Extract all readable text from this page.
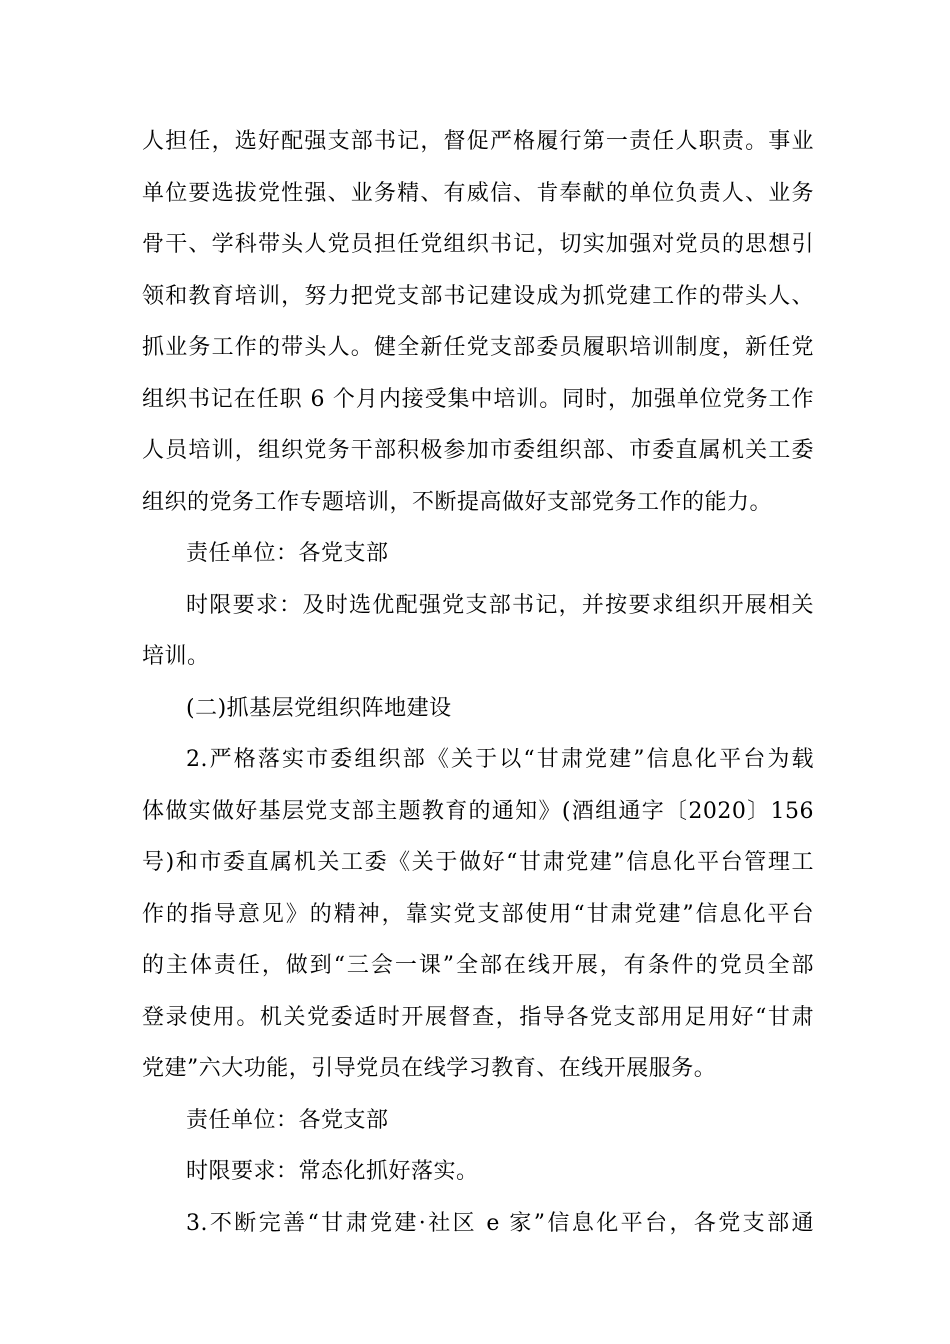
人担任，选好配强支部书记，督促严格履行第一责任人职责。事业
单位要选拔党性强、业务精、有威信、肯奉献的单位负责人、业务
骨干、学科带头人党员担任党组织书记，切实加强对党员的思想引
领和教育培训，努力把党支部书记建设成为抓党建工作的带头人、
抓业务工作的带头人。健全新任党支部委员履职培训制度，新任党
组织书记在任职 6 个月内接受集中培训。同时，加强单位党务工作
人员培训，组织党务干部积极参加市委组织部、市委直属机关工委
组织的党务工作专题培训，不断提高做好支部党务工作的能力。
责任单位：各党支部
时限要求：及时选优配强党支部书记，并按要求组织开展相关
培训。
(二)抓基层党组织阵地建设
2.严格落实市委组织部《关于以“甘肃党建”信息化平台为载
体做实做好基层党支部主题教育的通知》(酒组通字〔2020〕156
号)和市委直属机关工委《关于做好“甘肃党建”信息化平台管理工
作的指导意见》的精神，靠实党支部使用“甘肃党建”信息化平台
的主体责任，做到“三会一课”全部在线开展，有条件的党员全部
登录使用。机关党委适时开展督查，指导各党支部用足用好“甘肃
党建”六大功能，引导党员在线学习教育、在线开展服务。
责任单位：各党支部
时限要求：常态化抓好落实。
3.不断完善“甘肃党建·社区 e 家”信息化平台，各党支部通
